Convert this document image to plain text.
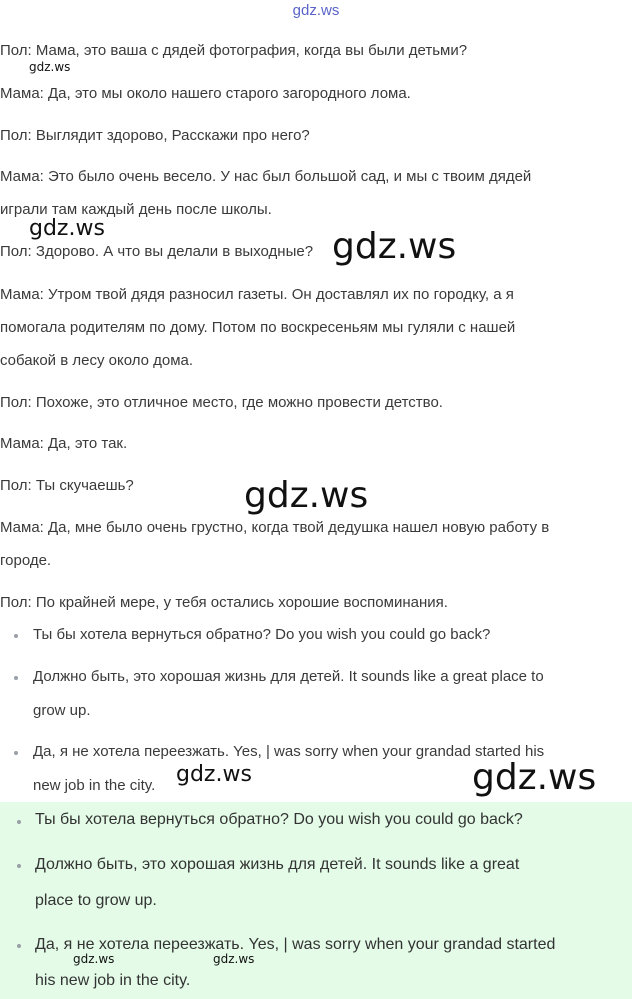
gdz.ws
Пол: Мама, это ваша с дядей фотография, когда вы были детьми?
Мама: Да, это мы около нашего старого загородного лома.
Пол: Выглядит здорово, Расскажи про него?
Мама: Это было очень весело. У нас был большой сад, и мы с твоим дядей
играли там каждый день после школы.
Пол: Здорово. А что вы делали в выходные?
Мама: Утром твой дядя разносил газеты. Он доставлял их по городку, а я
помогала родителям по дому. Потом по воскресеньям мы гуляли с нашей
собакой в лесу около дома.
Пол: Похоже, это отличное место, где можно провести детство.
Мама: Да, это так.
Пол: Ты скучаешь?
Мама: Да, мне было очень грустно, когда твой дедушка нашел новую работу в
городе.
Пол: По крайней мере, у тебя остались хорошие воспоминания.
Ты бы хотела вернуться обратно? Do you wish you could go back?
Должно быть, это хорошая жизнь для детей. It sounds like a great place to
grow up.
Да, я не хотела переезжать. Yes, | was sorry when your grandad started his
new job in the city.
Ты бы хотела вернуться обратно? Do you wish you could go back?
Должно быть, это хорошая жизнь для детей. It sounds like a great
place to grow up.
Да, я не хотела переезжать. Yes, | was sorry when your grandad started
his new job in the city.
gdz.ws
gdz.ws	gdz.ws
gdz.ws
gdz.ws	gdz.ws
gdz.ws	gdz.ws
